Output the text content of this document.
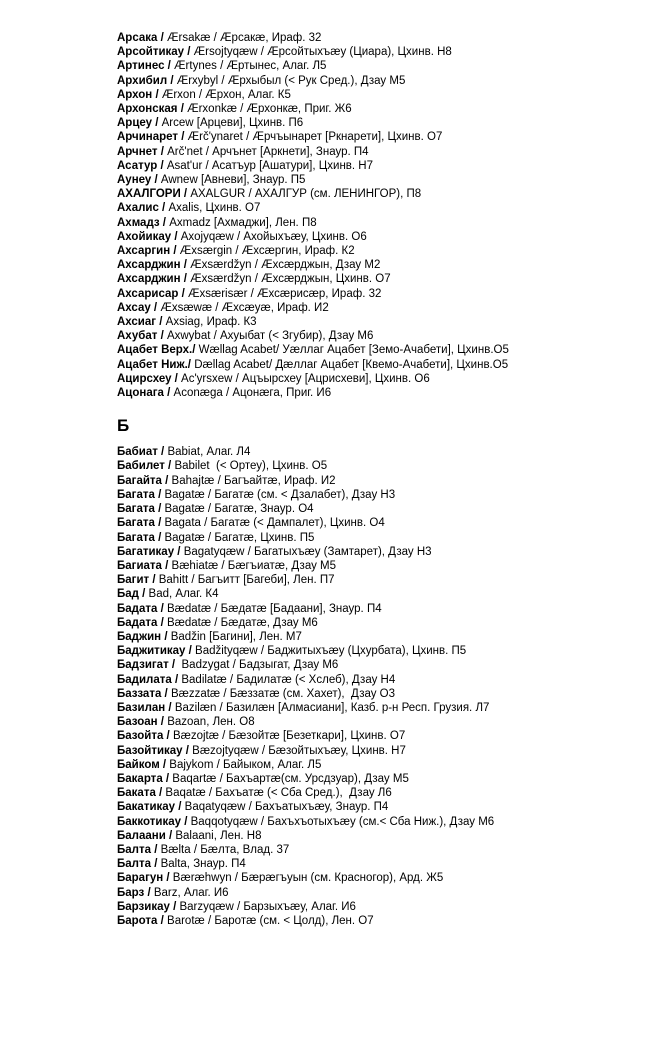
Арсака / Ærsakæ / Æрсакæ, Ираф. 32
Арсойтикау / Ærsojtyqæw / Æрсойтыхъæу (Циара), Цхинв. Н8
Артинес / Ærtynes / Æртынес, Алаг. Л5
Архибил / Ærxybyl / Æрхыбыл (< Рук Сред.), Дзау М5
Архон / Ærxon / Æрхон, Алаг. К5
Архонская / Ærxonkæ / Æрхонкæ, Приг. Ж6
Арцеу / Arcew [Арцеви], Цхинв. П6
Арчинарет / Ærč'ynaret / Æрчъынарет [Ркнарети], Цхинв. О7
Арчнет / Arč'net / Арчънет [Аркнети], Знаур. П4
Асатур / Asat'ur / Асатъур [Ашатури], Цхинв. Н7
Аунеу / Awnew [Авневи], Знаур. П5
АХАЛГОРИ / AXALGUR / АХАЛГУР (см. ЛЕНИНГОР), П8
Ахалис / Axalis, Цхинв. О7
Ахмадз / Axmadz [Ахмаджи], Лен. П8
Ахойикау / Axojyqæw / Ахойыхъæу, Цхинв. О6
Ахсаргин / Æxsærgin / Æхсæргин, Ираф. К2
Ахсарджин / Æxsærdžyn / Æхсæрджын, Дзау М2
Ахсарджин / Æxsærdžyn / Æхсæрджын, Цхинв. О7
Ахсарисар / Æxsærisær / Æхсæрисæр, Ираф. 32
Ахсау / Æxsæwæ / Æхсæуæ, Ираф. И2
Ахсиаг / Axsiag, Ираф. К3
Ахубат / Axwybat / Ахуыбат (< Згубир), Дзау М6
Ацабет Верх./ Wællag Acabet/ Уæллаг Ацабет [Земо-Ачабети], Цхинв.О5
Ацабет Ниж./ Dællag Acabet/ Дæллаг Ацабет [Квемо-Ачабети], Цхинв.О5
Ацирсхеу / Ac'yrsxew / Ацъырсхеу [Ацрисхеви], Цхинв. О6
Ацонага / Aconæga / Ацонæга, Приг. И6
Б
Бабиат / Babiat, Алаг. Л4
Бабилет / Babilet  (< Ортеу), Цхинв. О5
Багайта / Bahajtæ / Багъайтæ, Ираф. И2
Багата / Bagatæ / Багатæ (см. < Дзалабет), Дзау Н3
Багата / Bagatæ / Багатæ, Знаур. О4
Багата / Bagata / Багатæ (< Дампалет), Цхинв. О4
Багата / Bagatæ / Багатæ, Цхинв. П5
Багатикау / Bagatyqæw / Багатыхъæу (Замтарет), Дзау Н3
Багиата / Bæhiatæ / Бæгъиатæ, Дзау М5
Багит / Bahitt / Багъитт [Багеби], Лен. П7
Бад / Bad, Алаг. К4
Бадата / Bædatæ / Бæдатæ [Бадаани], Знаур. П4
Бадата / Bædatæ / Бæдатæ, Дзау М6
Баджин / Badžin [Багини], Лен. М7
Баджитикау / Badžityqæw / Баджитыхъæу (Цхурбата), Цхинв. П5
Бадзигат /  Badzygat / Бадзыгат, Дзау М6
Бадилата / Badilatæ / Бадилатæ (< Хслеб), Дзау Н4
Баззата / Bæzzatæ / Бæззатæ (см. Хахет),  Дзау О3
Базилан / Bazilæn / Базилæн [Алмасиани], Казб. р-н Респ. Грузия. Л7
Базоан / Bazoan, Лен. О8
Базойта / Bæzojtæ / Бæзойтæ [Безеткари], Цхинв. О7
Базойтикау / Bæzojtyqæw / Бæзойтыхъæу, Цхинв. Н7
Байком / Bajykom / Байыком, Алаг. Л5
Бакарта / Baqartæ / Бахъартæ(см. Урсдзуар), Дзау М5
Баката / Baqatæ / Бахъатæ (< Сба Сред.),  Дзау Л6
Бакатикау / Baqatyqæw / Бахъатыхъæу, Знаур. П4
Баккотикау / Baqqotyqæw / Бахъхъотыхъæу (см.< Сба Ниж.), Дзау М6
Балаани / Balaani, Лен. Н8
Балта / Bælta / Бæлта, Влад. 37
Балта / Balta, Знаур. П4
Барагун / Bæræhwyn / Бæрæгъуын (см. Красногор), Ард. Ж5
Барз / Barz, Алаг. И6
Барзикау / Barzyqæw / Барзыхъæу, Алаг. И6
Барота / Barotæ / Баротæ (см. < Цолд), Лен. О7
